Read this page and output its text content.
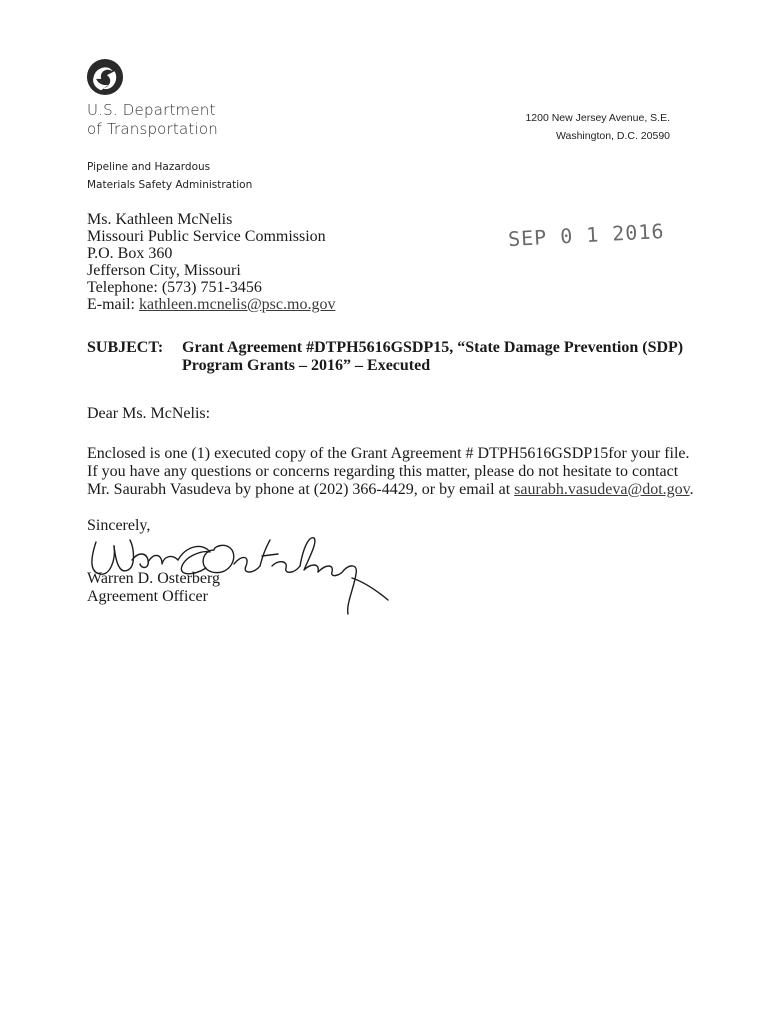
U.S. Department
of Transportation
1200 New Jersey Avenue, S.E.
Washington, D.C. 20590
Pipeline and Hazardous
Materials Safety Administration
Ms. Kathleen McNelis
Missouri Public Service Commission
P.O. Box 360
Jefferson City, Missouri
Telephone: (573) 751-3456
E-mail: kathleen.mcnelis@psc.mo.gov
SEP 0 1 2016
SUBJECT: Grant Agreement #DTPH5616GSDP15, “State Damage Prevention (SDP)
Program Grants – 2016” – Executed
Dear Ms. McNelis:
Enclosed is one (1) executed copy of the Grant Agreement # DTPH5616GSDP15for your file.
If you have any questions or concerns regarding this matter, please do not hesitate to contact
Mr. Saurabh Vasudeva by phone at (202) 366-4429, or by email at saurabh.vasudeva@dot.gov.
Sincerely,
Warren D. Osterberg
Agreement Officer
